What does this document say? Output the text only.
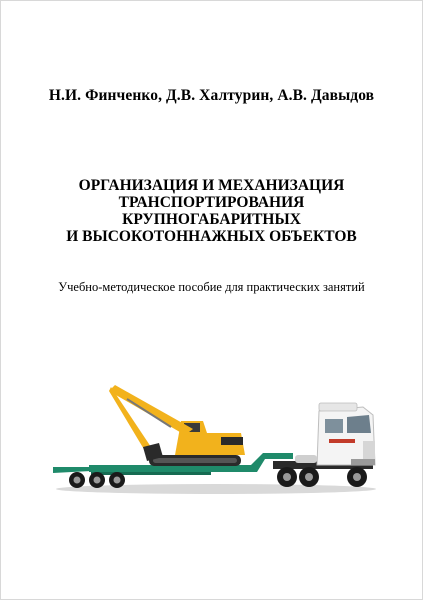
Н.И. Финченко, Д.В. Халтурин, А.В. Давыдов
ОРГАНИЗАЦИЯ И МЕХАНИЗАЦИЯ
ТРАНСПОРТИРОВАНИЯ
КРУПНОГАБАРИТНЫХ
И ВЫСОКОТОННАЖНЫХ ОБЪЕКТОВ
Учебно-методическое пособие для практических занятий
